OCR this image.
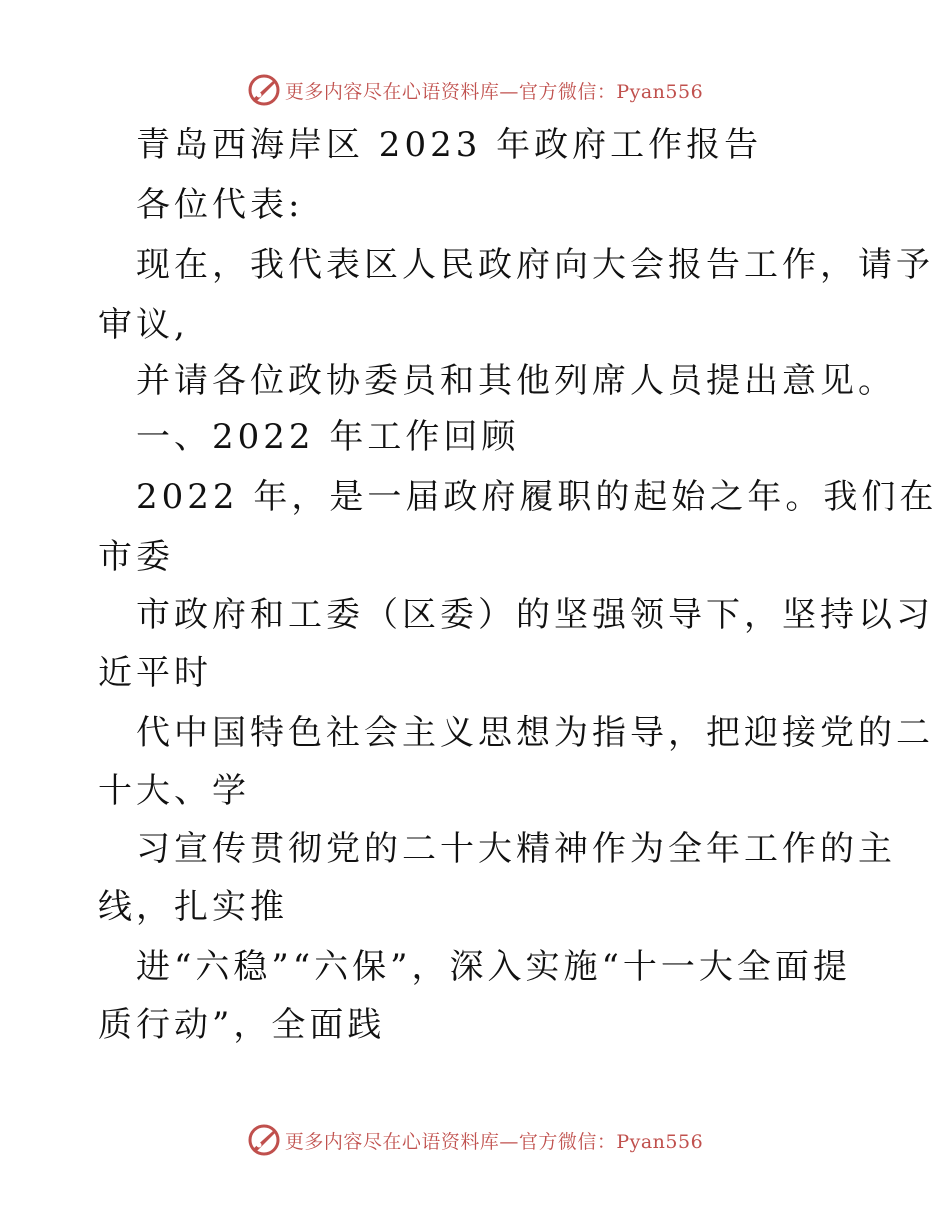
更多内容尽在心语资料库—官方微信：Pyan556
青岛西海岸区 2023 年政府工作报告
各位代表:
现在，我代表区人民政府向大会报告工作，请予
审议,
并请各位政协委员和其他列席人员提出意见。
一、2022 年工作回顾
2022 年，是一届政府履职的起始之年。我们在
市委
市政府和工委（区委）的坚强领导下，坚持以习
近平时
代中国特色社会主义思想为指导，把迎接党的二
十大、学
习宣传贯彻党的二十大精神作为全年工作的主
线，扎实推
进“六稳”“六保”，深入实施“十一大全面提
质行动”，全面践
更多内容尽在心语资料库—官方微信：Pyan556
